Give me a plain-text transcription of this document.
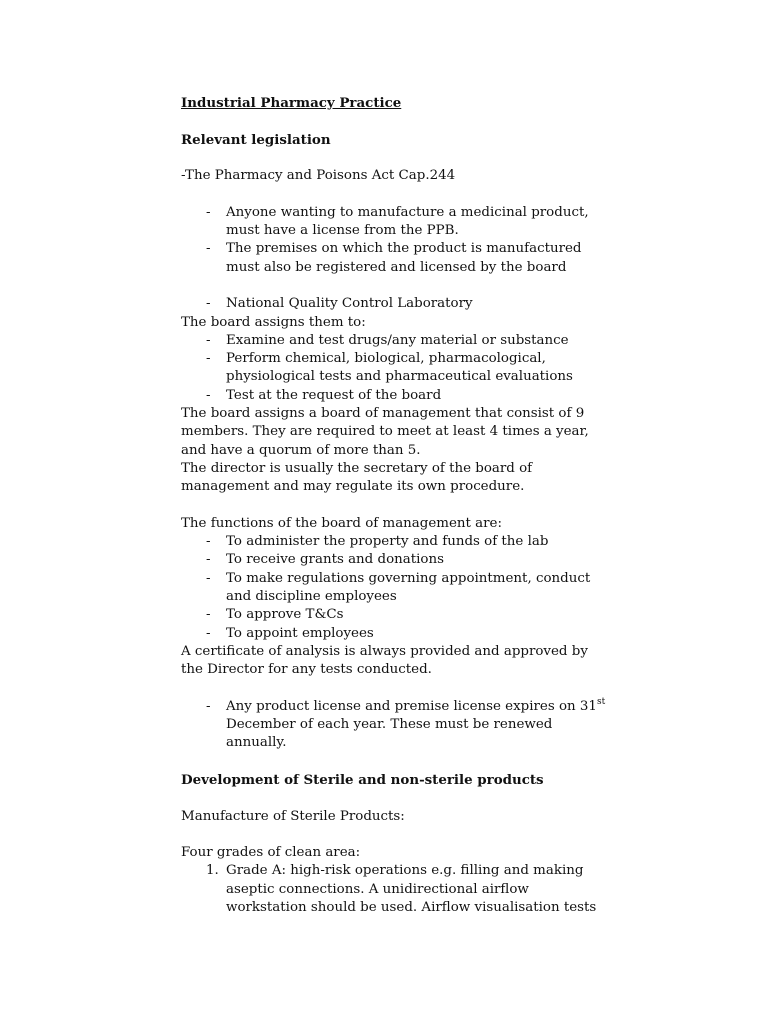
Industrial Pharmacy Practice
Relevant legislation
-The Pharmacy and Poisons Act Cap.244
-	Anyone wanting to manufacture a medicinal product,
must have a license from the PPB.
-	The premises on which the product is manufactured
must also be registered and licensed by the board
-	National Quality Control Laboratory
The board assigns them to:
-	Examine and test drugs/any material or substance
-	Perform chemical, biological, pharmacological,
physiological tests and pharmaceutical evaluations
-	Test at the request of the board
The board assigns a board of management that consist of 9
members. They are required to meet at least 4 times a year,
and have a quorum of more than 5.
The director is usually the secretary of the board of
management and may regulate its own procedure.
The functions of the board of management are:
-	To administer the property and funds of the lab
-	To receive grants and donations
-	To make regulations governing appointment, conduct
and discipline employees
-	To approve T&Cs
-	To appoint employees
A certificate of analysis is always provided and approved by
the Director for any tests conducted.
-	Any product license and premise license expires on 31st
December of each year. These must be renewed
annually.
Development of Sterile and non-sterile products
Manufacture of Sterile Products:
Four grades of clean area:
1. Grade A: high-risk operations e.g. filling and making
aseptic connections. A unidirectional airflow
workstation should be used. Airflow visualisation tests
